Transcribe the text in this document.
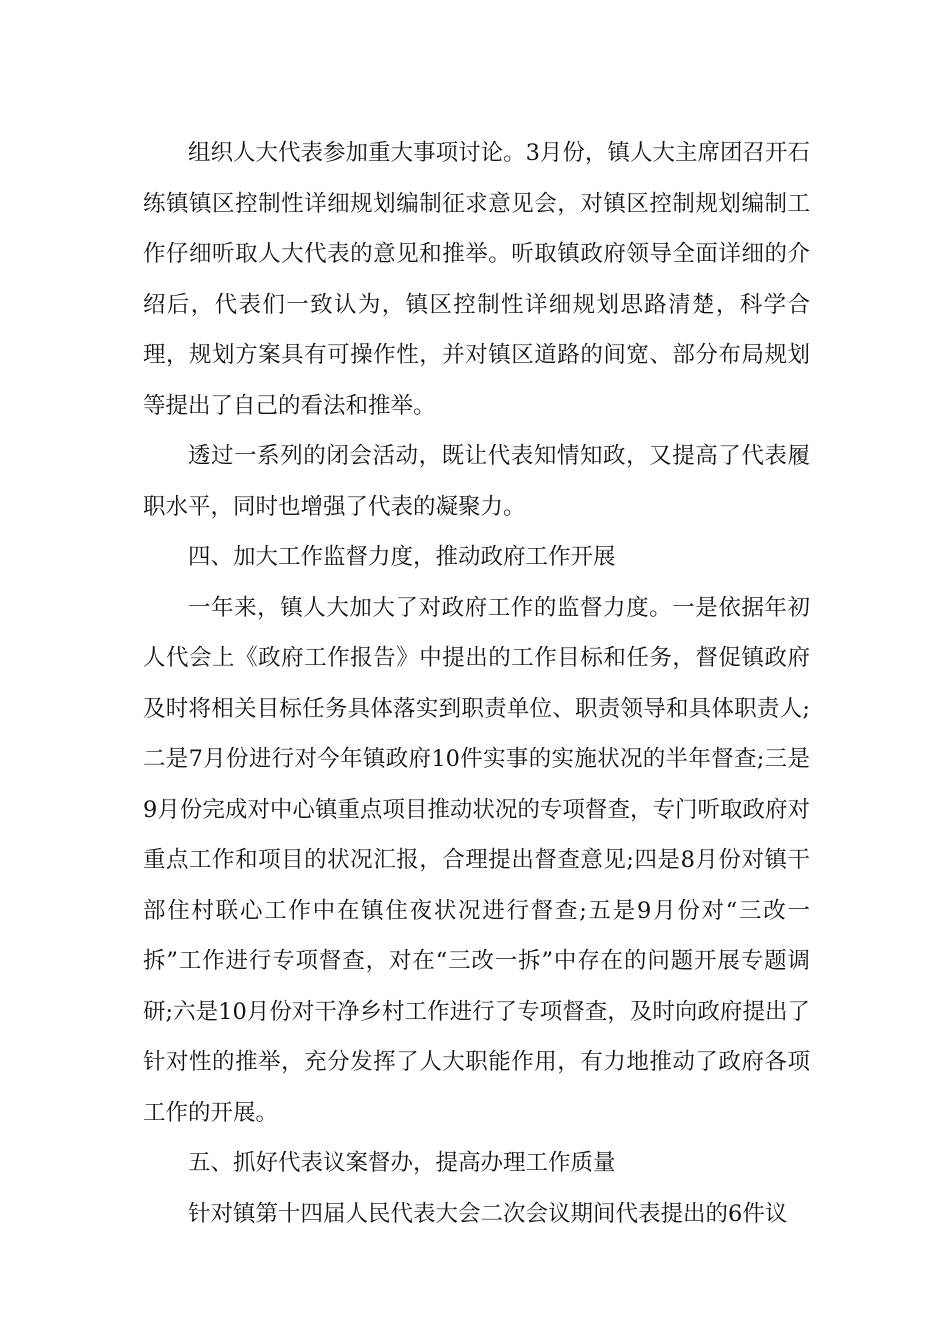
组织人大代表参加重大事项讨论。3月份，镇人大主席团召开石练镇镇区控制性详细规划编制征求意见会，对镇区控制规划编制工作仔细听取人大代表的意见和推举。听取镇政府领导全面详细的介绍后，代表们一致认为，镇区控制性详细规划思路清楚，科学合理，规划方案具有可操作性，并对镇区道路的间宽、部分布局规划等提出了自己的看法和推举。

透过一系列的闭会活动，既让代表知情知政，又提高了代表履职水平，同时也增强了代表的凝聚力。

四、加大工作监督力度，推动政府工作开展

一年来，镇人大加大了对政府工作的监督力度。一是依据年初人代会上《政府工作报告》中提出的工作目标和任务，督促镇政府及时将相关目标任务具体落实到职责单位、职责领导和具体职责人;二是7月份进行对今年镇政府10件实事的实施状况的半年督查;三是9月份完成对中心镇重点项目推动状况的专项督查，专门听取政府对重点工作和项目的状况汇报，合理提出督查意见;四是8月份对镇干部住村联心工作中在镇住夜状况进行督查;五是9月份对“三改一拆”工作进行专项督查，对在“三改一拆”中存在的问题开展专题调研;六是10月份对干净乡村工作进行了专项督查，及时向政府提出了针对性的推举，充分发挥了人大职能作用，有力地推动了政府各项工作的开展。

五、抓好代表议案督办，提高办理工作质量

针对镇第十四届人民代表大会二次会议期间代表提出的6件议
